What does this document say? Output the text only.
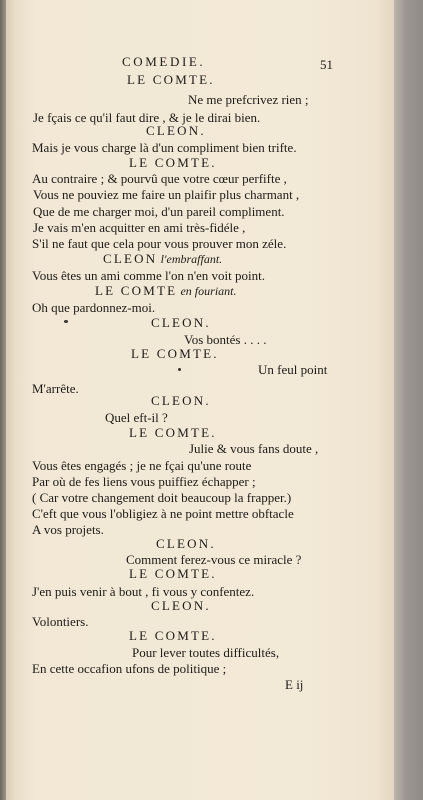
COMEDIE.	51

LE COMTE.

Ne me prefcrivez rien ;

Je fçais ce qu'il faut dire , & je le dirai bien.

CLEON.

Mais je vous charge là d'un compliment bien trifte.

LE COMTE.

Au contraire ; & pourvû que votre cœur perfifte ,

Vous ne pouviez me faire un plaifir plus charmant ,

Que de me charger moi, d'un pareil compliment.

Je vais m'en acquitter en ami très-fidéle ,

S'il ne faut que cela pour vous prouver mon zéle.

CLEON l'embraffant.

Vous êtes un ami comme l'on n'en voit point.

LE COMTE en fouriant.

Oh que pardonnez-moi.

CLEON.

Vos bontés . . . .

LE COMTE.

Un feul point

M'arrête.

CLEON.

Quel eft-il ?

LE COMTE.

Julie & vous fans doute ,

Vous êtes engagés ; je ne fçai qu'une route

Par où de fes liens vous puiffiez échapper ;

( Car votre changement doit beaucoup la frapper.)

C'eft que vous l'obligiez à ne point mettre obftacle

A vos projets.

CLEON.

Comment ferez-vous ce miracle ?

LE COMTE.

J'en puis venir à bout , fi vous y confentez.

CLEON.

Volontiers.

LE COMTE.

Pour lever toutes difficultés,

En cette occafion ufons de politique ;

E ij
